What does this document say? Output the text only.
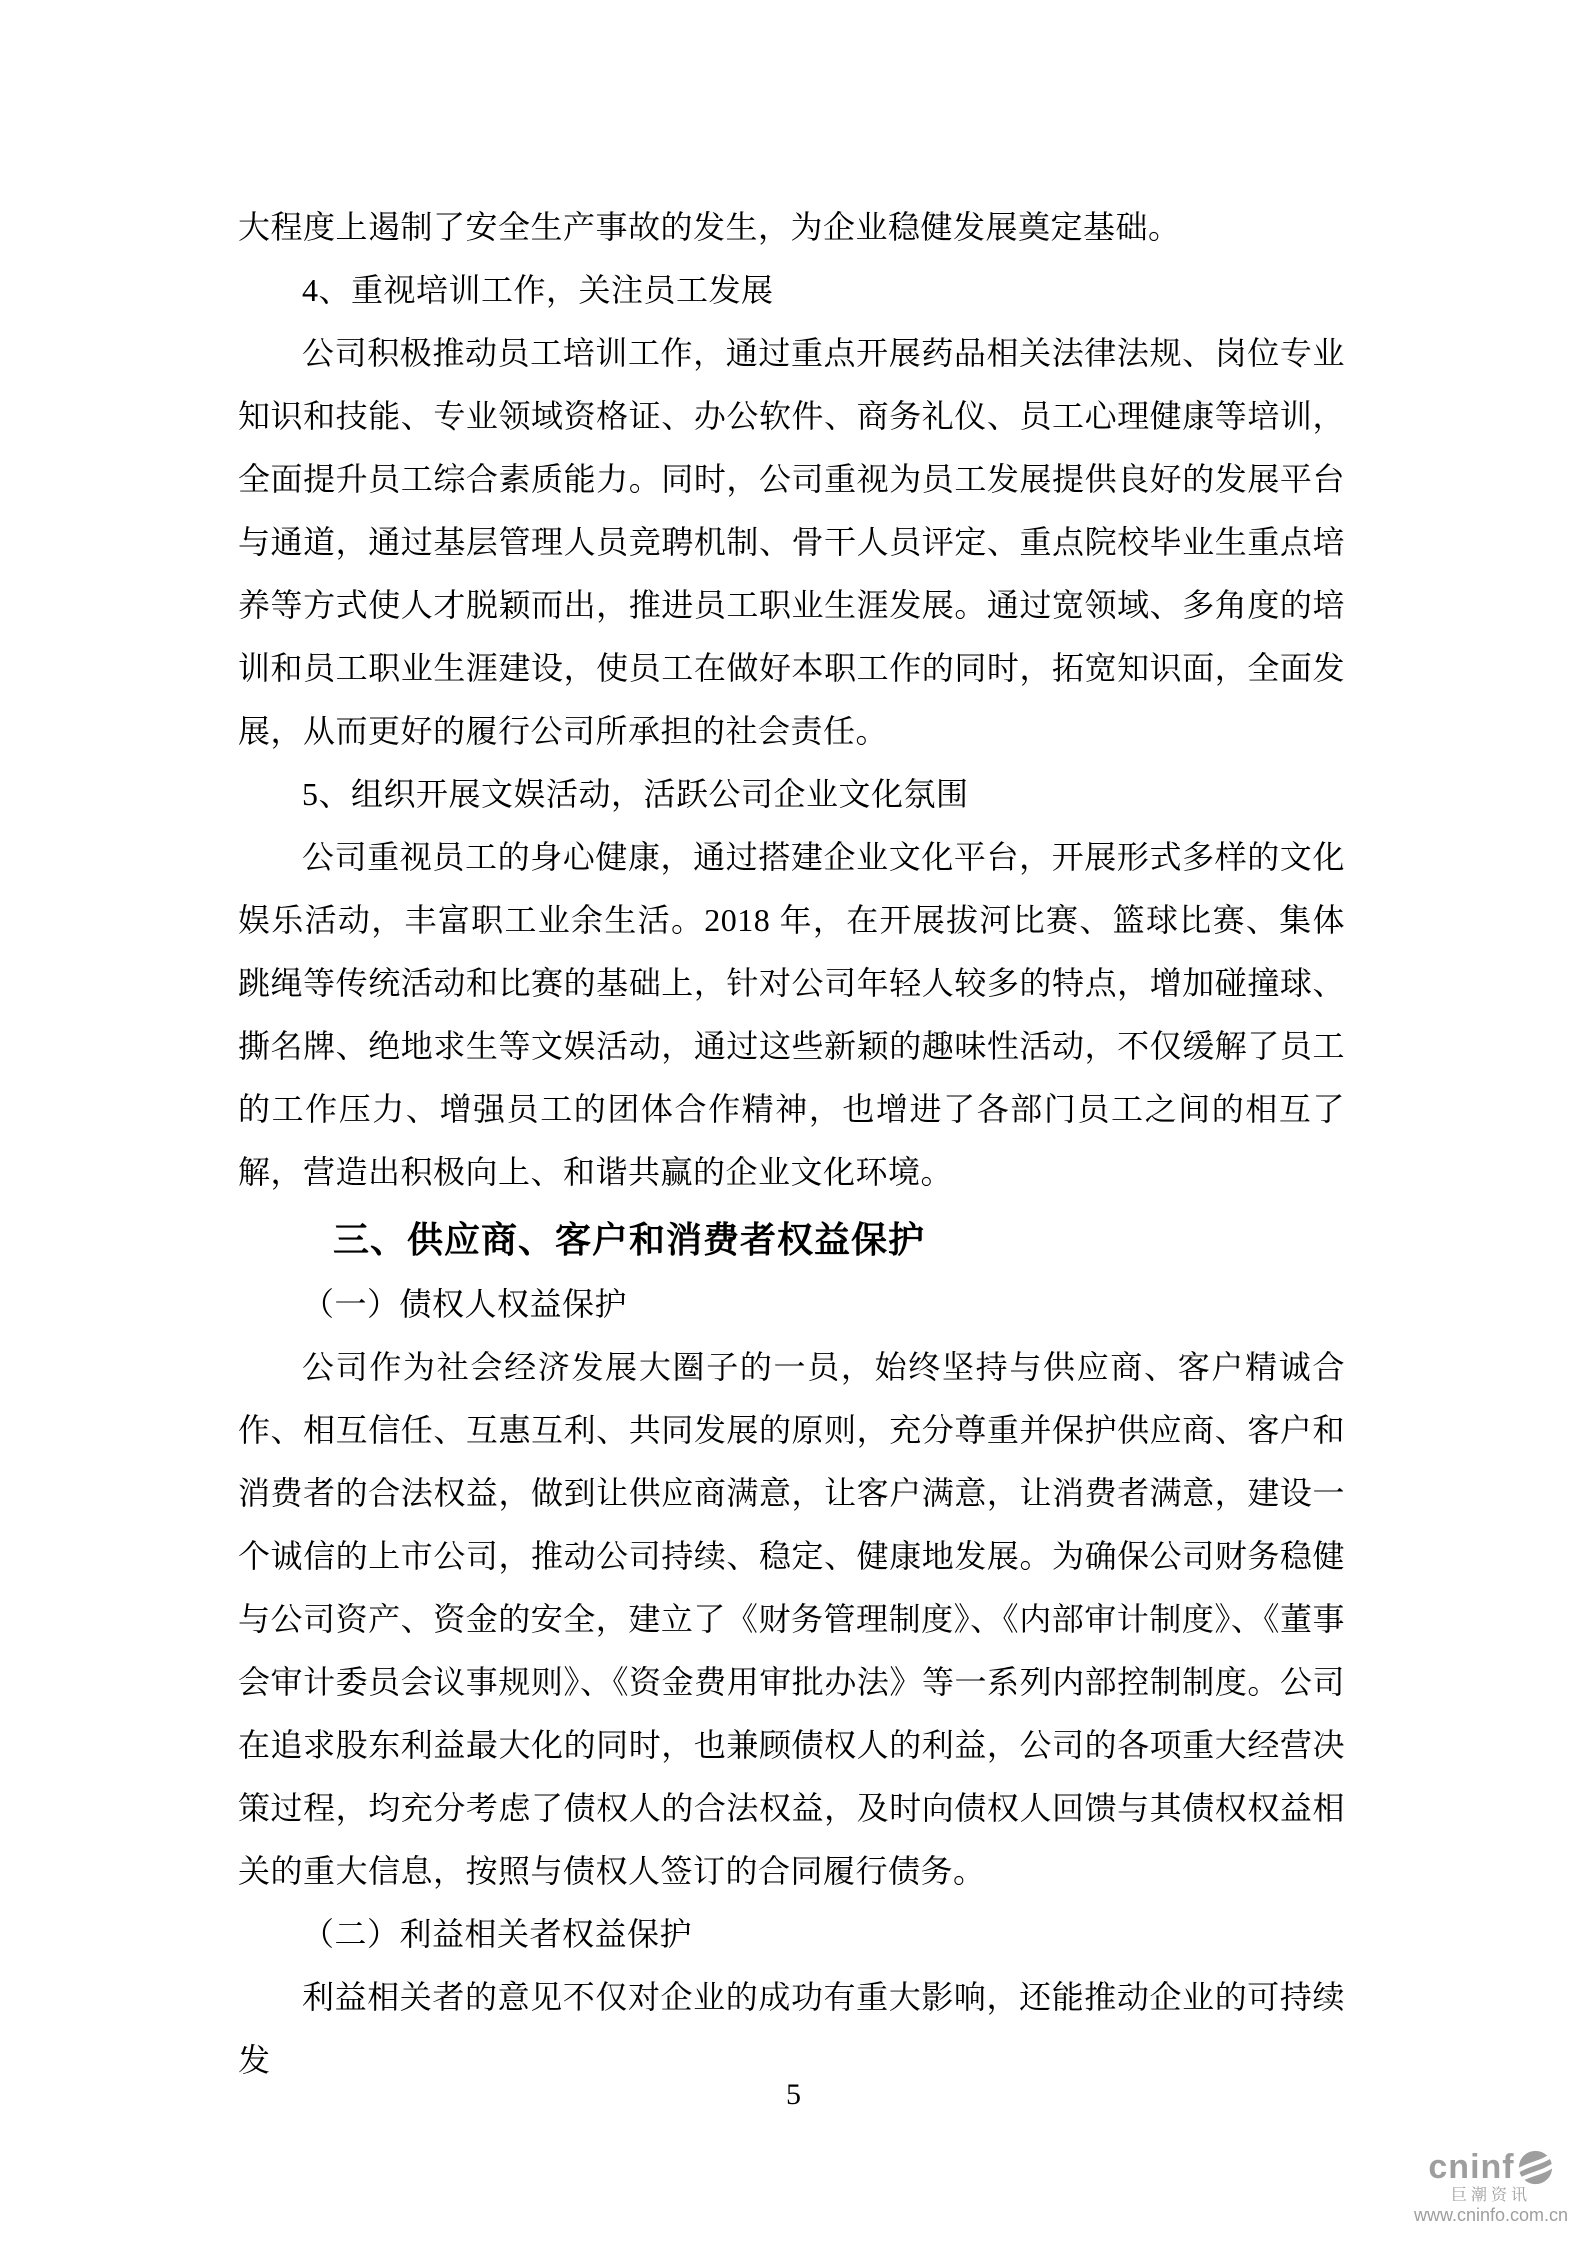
大程度上遏制了安全生产事故的发生，为企业稳健发展奠定基础。

4、重视培训工作，关注员工发展

公司积极推动员工培训工作，通过重点开展药品相关法律法规、岗位专业知识和技能、专业领域资格证、办公软件、商务礼仪、员工心理健康等培训，全面提升员工综合素质能力。同时，公司重视为员工发展提供良好的发展平台与通道，通过基层管理人员竞聘机制、骨干人员评定、重点院校毕业生重点培养等方式使人才脱颖而出，推进员工职业生涯发展。通过宽领域、多角度的培训和员工职业生涯建设，使员工在做好本职工作的同时，拓宽知识面，全面发展，从而更好的履行公司所承担的社会责任。

5、组织开展文娱活动，活跃公司企业文化氛围

公司重视员工的身心健康，通过搭建企业文化平台，开展形式多样的文化娱乐活动，丰富职工业余生活。2018 年，在开展拔河比赛、篮球比赛、集体跳绳等传统活动和比赛的基础上，针对公司年轻人较多的特点，增加碰撞球、撕名牌、绝地求生等文娱活动，通过这些新颖的趣味性活动，不仅缓解了员工的工作压力、增强员工的团体合作精神，也增进了各部门员工之间的相互了解，营造出积极向上、和谐共赢的企业文化环境。

三、供应商、客户和消费者权益保护

（一）债权人权益保护

公司作为社会经济发展大圈子的一员，始终坚持与供应商、客户精诚合作、相互信任、互惠互利、共同发展的原则，充分尊重并保护供应商、客户和消费者的合法权益，做到让供应商满意，让客户满意，让消费者满意，建设一个诚信的上市公司，推动公司持续、稳定、健康地发展。为确保公司财务稳健与公司资产、资金的安全，建立了《财务管理制度》、《内部审计制度》、《董事会审计委员会议事规则》、《资金费用审批办法》等一系列内部控制制度。公司在追求股东利益最大化的同时，也兼顾债权人的利益，公司的各项重大经营决策过程，均充分考虑了债权人的合法权益，及时向债权人回馈与其债权权益相关的重大信息，按照与债权人签订的合同履行债务。

（二）利益相关者权益保护

利益相关者的意见不仅对企业的成功有重大影响，还能推动企业的可持续发

5
cninf
巨潮资讯
www.cninfo.com.cn
